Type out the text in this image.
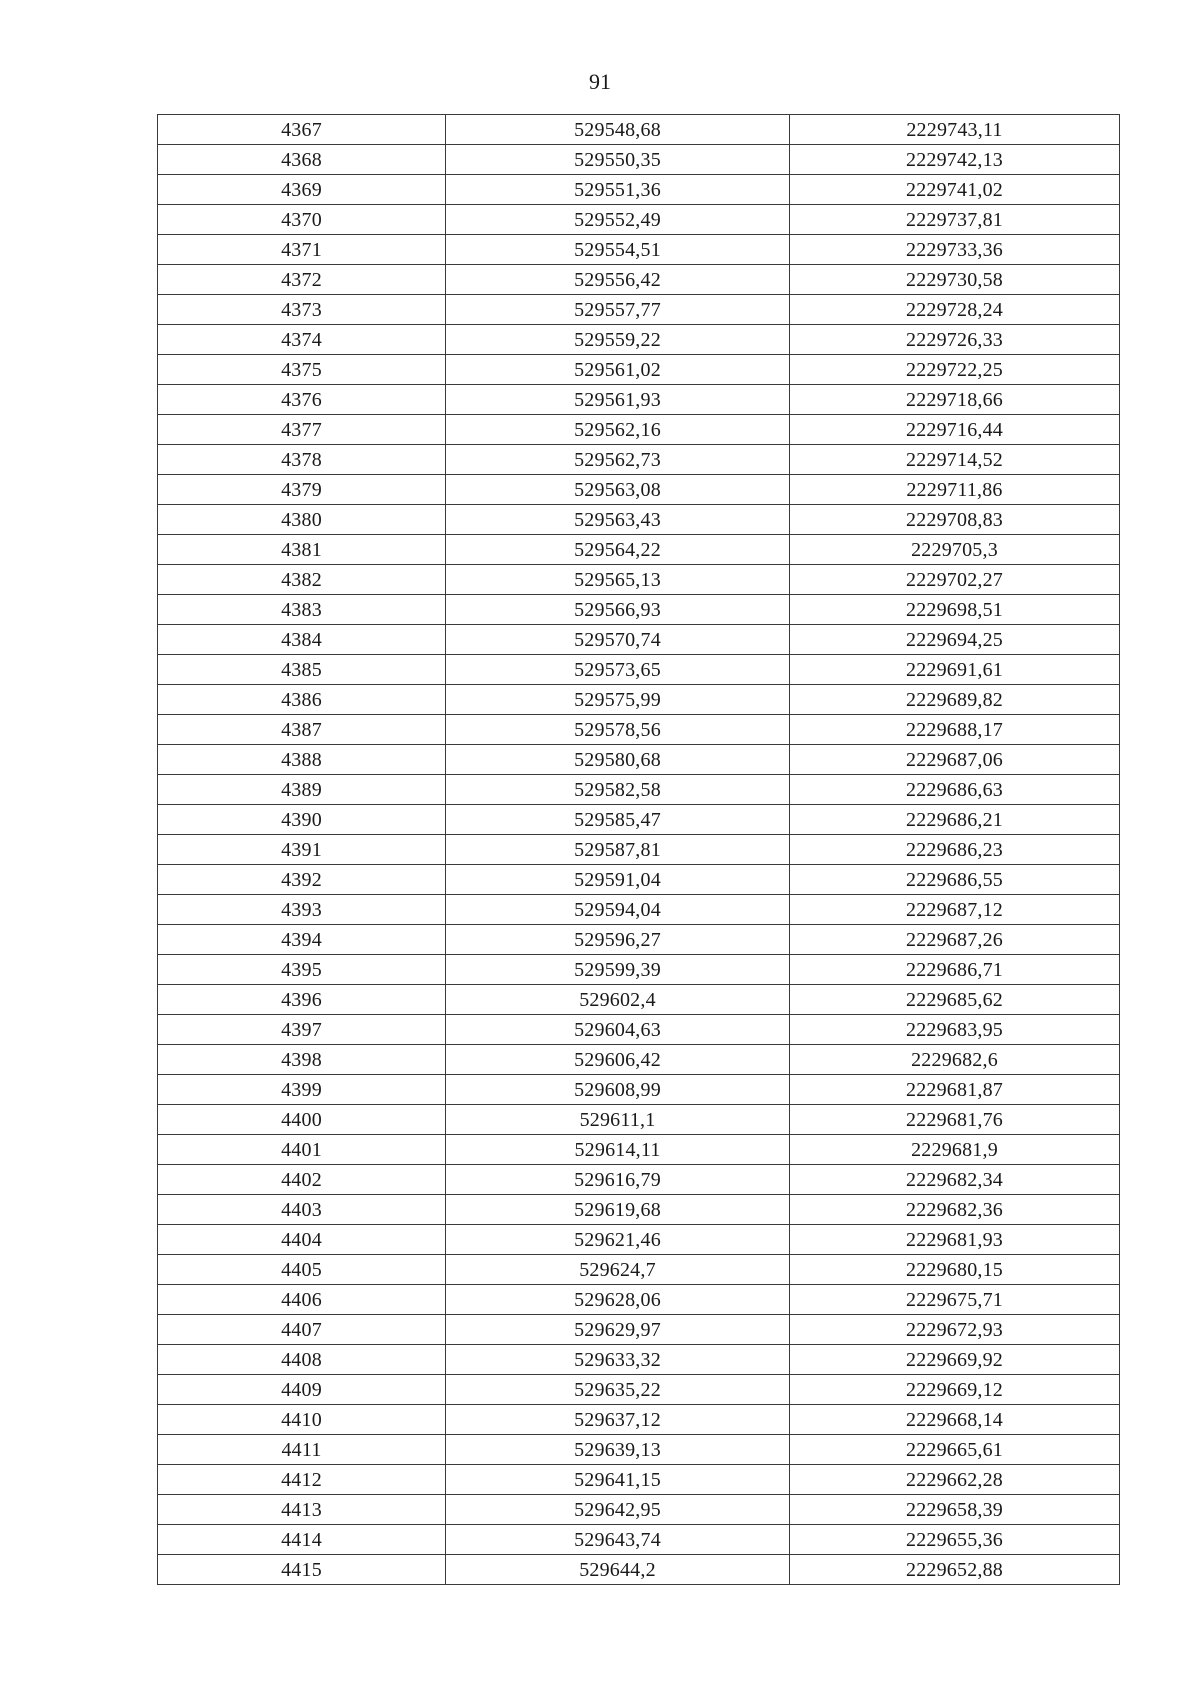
91
4367	529548,68	2229743,11
4368	529550,35	2229742,13
4369	529551,36	2229741,02
4370	529552,49	2229737,81
4371	529554,51	2229733,36
4372	529556,42	2229730,58
4373	529557,77	2229728,24
4374	529559,22	2229726,33
4375	529561,02	2229722,25
4376	529561,93	2229718,66
4377	529562,16	2229716,44
4378	529562,73	2229714,52
4379	529563,08	2229711,86
4380	529563,43	2229708,83
4381	529564,22	2229705,3
4382	529565,13	2229702,27
4383	529566,93	2229698,51
4384	529570,74	2229694,25
4385	529573,65	2229691,61
4386	529575,99	2229689,82
4387	529578,56	2229688,17
4388	529580,68	2229687,06
4389	529582,58	2229686,63
4390	529585,47	2229686,21
4391	529587,81	2229686,23
4392	529591,04	2229686,55
4393	529594,04	2229687,12
4394	529596,27	2229687,26
4395	529599,39	2229686,71
4396	529602,4	2229685,62
4397	529604,63	2229683,95
4398	529606,42	2229682,6
4399	529608,99	2229681,87
4400	529611,1	2229681,76
4401	529614,11	2229681,9
4402	529616,79	2229682,34
4403	529619,68	2229682,36
4404	529621,46	2229681,93
4405	529624,7	2229680,15
4406	529628,06	2229675,71
4407	529629,97	2229672,93
4408	529633,32	2229669,92
4409	529635,22	2229669,12
4410	529637,12	2229668,14
4411	529639,13	2229665,61
4412	529641,15	2229662,28
4413	529642,95	2229658,39
4414	529643,74	2229655,36
4415	529644,2	2229652,88
